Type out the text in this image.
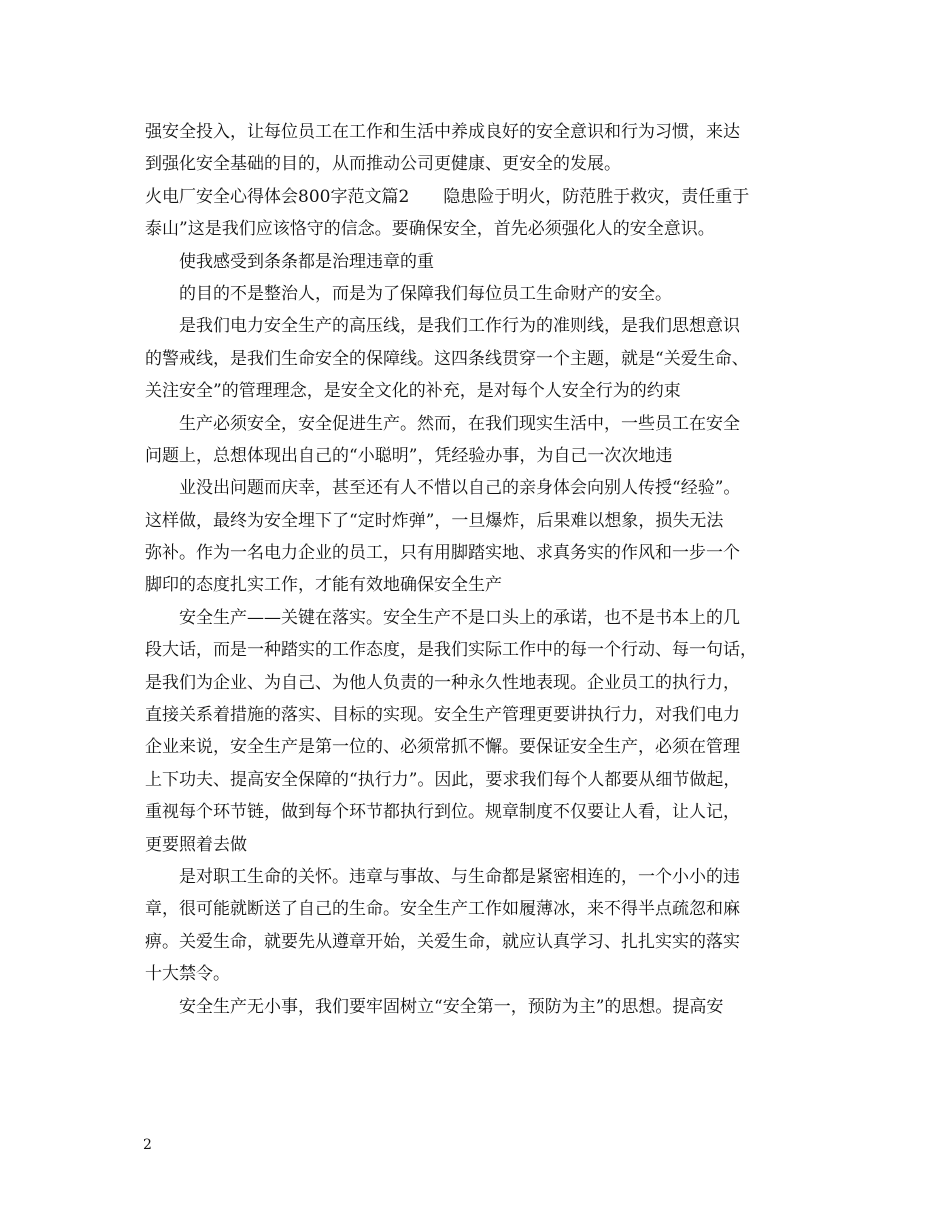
强安全投入，让每位员工在工作和生活中养成良好的安全意识和行为习惯，来达
到强化安全基础的目的，从而推动公司更健康、更安全的发展。
火电厂安全心得体会800字范文篇2　　隐患险于明火，防范胜于救灾，责任重于
泰山”这是我们应该恪守的信念。要确保安全，首先必须强化人的安全意识。
使我感受到条条都是治理违章的重
的目的不是整治人，而是为了保障我们每位员工生命财产的安全。
是我们电力安全生产的高压线，是我们工作行为的准则线，是我们思想意识
的警戒线，是我们生命安全的保障线。这四条线贯穿一个主题，就是“关爱生命、
关注安全”的管理理念，是安全文化的补充，是对每个人安全行为的约束
生产必须安全，安全促进生产。然而，在我们现实生活中，一些员工在安全
问题上，总想体现出自己的“小聪明”，凭经验办事，为自己一次次地违
业没出问题而庆幸，甚至还有人不惜以自己的亲身体会向别人传授“经验”。
这样做，最终为安全埋下了“定时炸弹”，一旦爆炸，后果难以想象，损失无法
弥补。作为一名电力企业的员工，只有用脚踏实地、求真务实的作风和一步一个
脚印的态度扎实工作，才能有效地确保安全生产
安全生产——关键在落实。安全生产不是口头上的承诺，也不是书本上的几
段大话，而是一种踏实的工作态度，是我们实际工作中的每一个行动、每一句话，
是我们为企业、为自己、为他人负责的一种永久性地表现。企业员工的执行力，
直接关系着措施的落实、目标的实现。安全生产管理更要讲执行力，对我们电力
企业来说，安全生产是第一位的、必须常抓不懈。要保证安全生产，必须在管理
上下功夫、提高安全保障的“执行力”。因此，要求我们每个人都要从细节做起，
重视每个环节链，做到每个环节都执行到位。规章制度不仅要让人看，让人记，
更要照着去做
是对职工生命的关怀。违章与事故、与生命都是紧密相连的，一个小小的违
章，很可能就断送了自己的生命。安全生产工作如履薄冰，来不得半点疏忽和麻
痹。关爱生命，就要先从遵章开始，关爱生命，就应认真学习、扎扎实实的落实
十大禁令。
安全生产无小事，我们要牢固树立“安全第一，预防为主”的思想。提高安
2
